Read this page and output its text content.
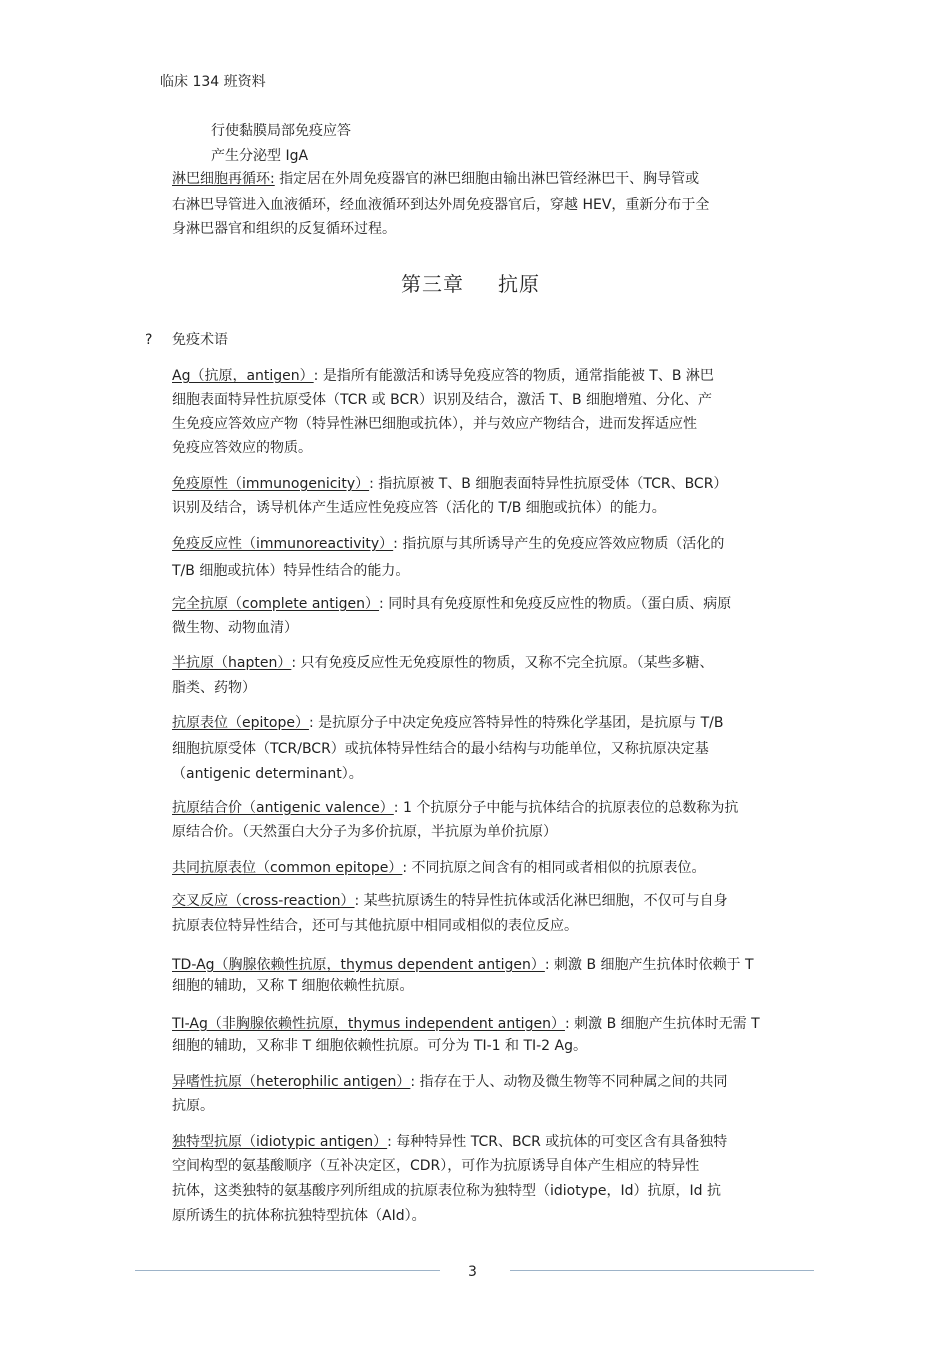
临床 134 班资料
行使黏膜局部免疫应答
产生分泌型 IgA
淋巴细胞再循环: 指定居在外周免疫器官的淋巴细胞由输出淋巴管经淋巴干、胸导管或
右淋巴导管进入血液循环，经血液循环到达外周免疫器官后，穿越 HEV，重新分布于全
身淋巴器官和组织的反复循环过程。
第三章 抗原
? 免疫术语
Ag（抗原，antigen）: 是指所有能激活和诱导免疫应答的物质，通常指能被 T、B 淋巴
细胞表面特异性抗原受体（TCR 或 BCR）识别及结合，激活 T、B 细胞增殖、分化、产
生免疫应答效应产物（特异性淋巴细胞或抗体），并与效应产物结合，进而发挥适应性
免疫应答效应的物质。
免疫原性（immunogenicity）: 指抗原被 T、B 细胞表面特异性抗原受体（TCR、BCR）
识别及结合，诱导机体产生适应性免疫应答（活化的 T/B 细胞或抗体）的能力。
免疫反应性（immunoreactivity）: 指抗原与其所诱导产生的免疫应答效应物质（活化的
T/B 细胞或抗体）特异性结合的能力。
完全抗原（complete antigen）: 同时具有免疫原性和免疫反应性的物质。（蛋白质、病原
微生物、动物血清）
半抗原（hapten）: 只有免疫反应性无免疫原性的物质，又称不完全抗原。（某些多糖、
脂类、药物）
抗原表位（epitope）: 是抗原分子中决定免疫应答特异性的特殊化学基团，是抗原与 T/B
细胞抗原受体（TCR/BCR）或抗体特异性结合的最小结构与功能单位，又称抗原决定基
（antigenic determinant）。
抗原结合价（antigenic valence）: 1 个抗原分子中能与抗体结合的抗原表位的总数称为抗
原结合价。（天然蛋白大分子为多价抗原，半抗原为单价抗原）
共同抗原表位（common epitope）: 不同抗原之间含有的相同或者相似的抗原表位。
交叉反应（cross-reaction）: 某些抗原诱生的特异性抗体或活化淋巴细胞，不仅可与自身
抗原表位特异性结合，还可与其他抗原中相同或相似的表位反应。
TD-Ag（胸腺依赖性抗原，thymus dependent antigen）: 刺激 B 细胞产生抗体时依赖于 T
细胞的辅助，又称 T 细胞依赖性抗原。
TI-Ag（非胸腺依赖性抗原，thymus independent antigen）: 刺激 B 细胞产生抗体时无需 T
细胞的辅助，又称非 T 细胞依赖性抗原。可分为 TI-1 和 TI-2 Ag。
异嗜性抗原（heterophilic antigen）: 指存在于人、动物及微生物等不同种属之间的共同
抗原。
独特型抗原（idiotypic antigen）: 每种特异性 TCR、BCR 或抗体的可变区含有具备独特
空间构型的氨基酸顺序（互补决定区，CDR），可作为抗原诱导自体产生相应的特异性
抗体，这类独特的氨基酸序列所组成的抗原表位称为独特型（idiotype，Id）抗原，Id 抗
原所诱生的抗体称抗独特型抗体（AId）。
3
